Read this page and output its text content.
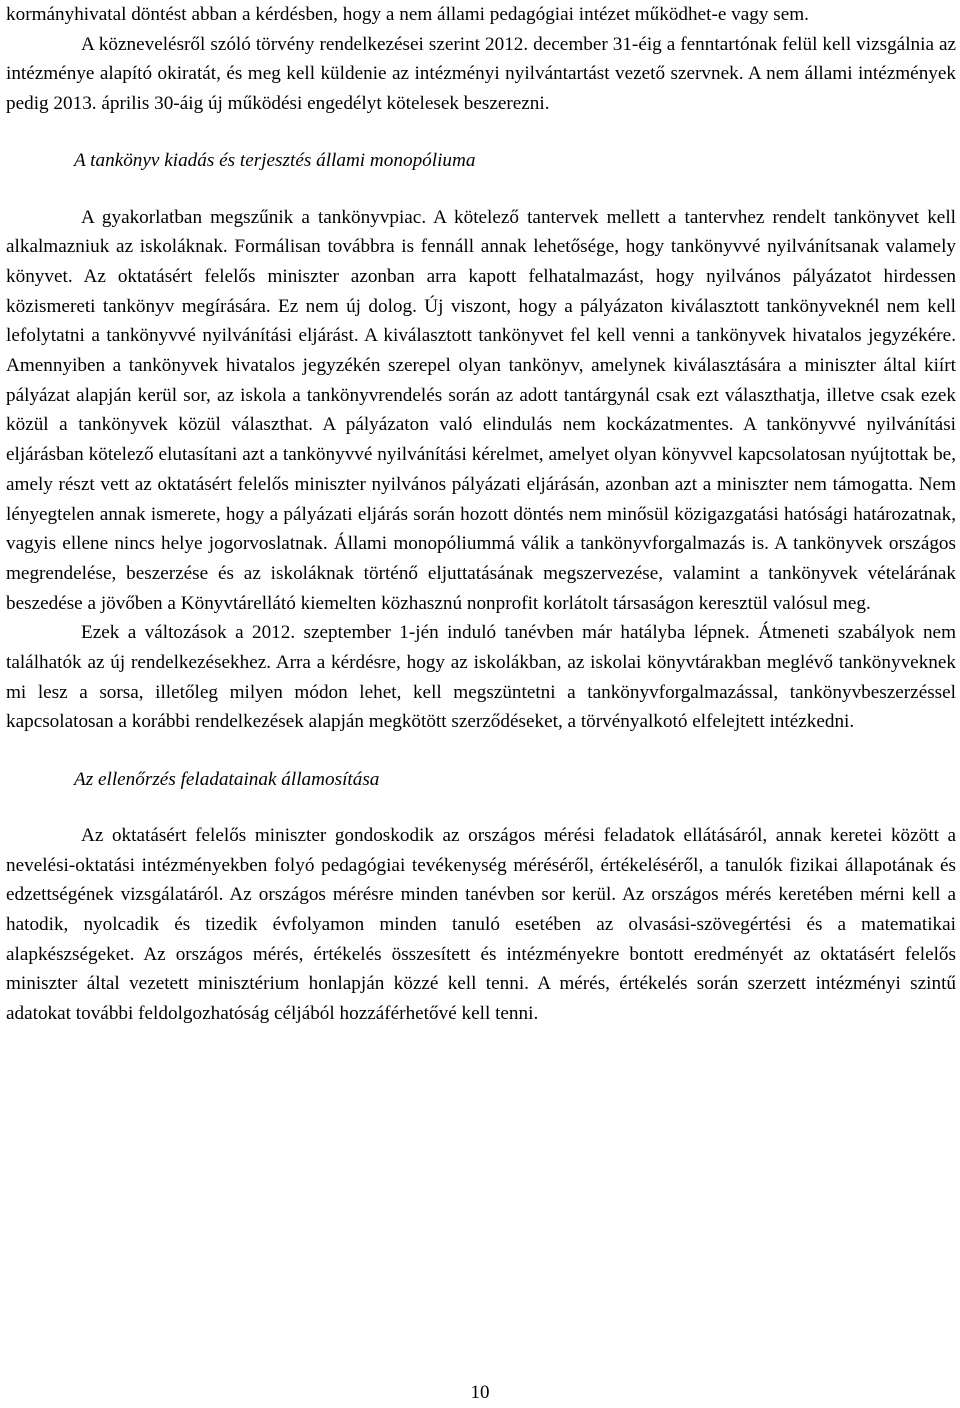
kormányhivatal döntést abban a kérdésben, hogy a nem állami pedagógiai intézet működhet-e vagy sem.

A köznevelésről szóló törvény rendelkezései szerint 2012. december 31-éig a fenntartónak felül kell vizsgálnia az intézménye alapító okiratát, és meg kell küldenie az intézményi nyilvántartást vezető szervnek. A nem állami intézmények pedig 2013. április 30-áig új működési engedélyt kötelesek beszerezni.

A tankönyv kiadás és terjesztés állami monopóliuma

A gyakorlatban megszűnik a tankönyvpiac. A kötelező tantervek mellett a tantervhez rendelt tankönyvet kell alkalmazniuk az iskoláknak. Formálisan továbbra is fennáll annak lehetősége, hogy tankönyvvé nyilvánítsanak valamely könyvet. Az oktatásért felelős miniszter azonban arra kapott felhatalmazást, hogy nyilvános pályázatot hirdessen közismereti tankönyv megírására. Ez nem új dolog. Új viszont, hogy a pályázaton kiválasztott tankönyveknél nem kell lefolytatni a tankönyvvé nyilvánítási eljárást. A kiválasztott tankönyvet fel kell venni a tankönyvek hivatalos jegyzékére. Amennyiben a tankönyvek hivatalos jegyzékén szerepel olyan tankönyv, amelynek kiválasztására a miniszter által kiírt pályázat alapján kerül sor, az iskola a tankönyvrendelés során az adott tantárgynál csak ezt választhatja, illetve csak ezek közül a tankönyvek közül választhat. A pályázaton való elindulás nem kockázatmentes. A tankönyvvé nyilvánítási eljárásban kötelező elutasítani azt a tankönyvvé nyilvánítási kérelmet, amelyet olyan könyvvel kapcsolatosan nyújtottak be, amely részt vett az oktatásért felelős miniszter nyilvános pályázati eljárásán, azonban azt a miniszter nem támogatta. Nem lényegtelen annak ismerete, hogy a pályázati eljárás során hozott döntés nem minősül közigazgatási hatósági határozatnak, vagyis ellene nincs helye jogorvoslatnak. Állami monopóliummá válik a tankönyvforgalmazás is. A tankönyvek országos megrendelése, beszerzése és az iskoláknak történő eljuttatásának megszervezése, valamint a tankönyvek vételárának beszedése a jövőben a Könyvtárellátó kiemelten közhasznú nonprofit korlátolt társaságon keresztül valósul meg.

Ezek a változások a 2012. szeptember 1-jén induló tanévben már hatályba lépnek. Átmeneti szabályok nem találhatók az új rendelkezésekhez. Arra a kérdésre, hogy az iskolákban, az iskolai könyvtárakban meglévő tankönyveknek mi lesz a sorsa, illetőleg milyen módon lehet, kell megszüntetni a tankönyvforgalmazással, tankönyvbeszerzéssel kapcsolatosan a korábbi rendelkezések alapján megkötött szerződéseket, a törvényalkotó elfelejtett intézkedni.

Az ellenőrzés feladatainak államosítása

Az oktatásért felelős miniszter gondoskodik az országos mérési feladatok ellátásáról, annak keretei között a nevelési-oktatási intézményekben folyó pedagógiai tevékenység méréséről, értékeléséről, a tanulók fizikai állapotának és edzettségének vizsgálatáról. Az országos mérésre minden tanévben sor kerül. Az országos mérés keretében mérni kell a hatodik, nyolcadik és tizedik évfolyamon minden tanuló esetében az olvasási-szövegértési és a matematikai alapkészségeket. Az országos mérés, értékelés összesített és intézményekre bontott eredményét az oktatásért felelős miniszter által vezetett minisztérium honlapján közzé kell tenni. A mérés, értékelés során szerzett intézményi szintű adatokat további feldolgozhatóság céljából hozzáférhetővé kell tenni.

10
